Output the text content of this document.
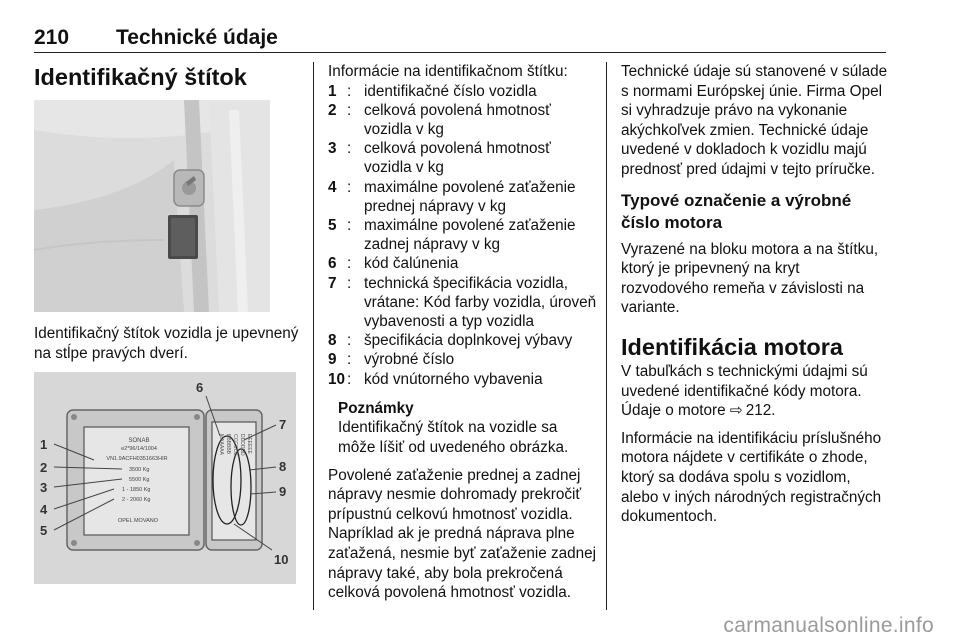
210 Technické údaje
Identifikačný štítok

Identifikačný štítok vozidla je upevnený na stĺpe pravých dverí.

SONAB
e2*96/14/1004
VN1.9ACFH0351663HIR
3500 Kg
5500 Kg
1 - 1850 Kg
2 - 2060 Kg
OPEL MOVANO
MAAAAA BBBBBB CCCCCC DDDDDD EEEEEE
1
2
3
4
5
6
7
8
9
10

Informácie na identifikačnom štítku:

1 : identifikačné číslo vozidla
2 : celková povolená hmotnosť vozidla v kg
3 : celková povolená hmotnosť vozidla v kg
4 : maximálne povolené zaťaženie prednej nápravy v kg
5 : maximálne povolené zaťaženie zadnej nápravy v kg
6 : kód čalúnenia
7 : technická špecifikácia vozidla, vrátane: Kód farby vozidla, úroveň vybavenosti a typ vozidla
8 : špecifikácia doplnkovej výbavy
9 : výrobné číslo
10 : kód vnútorného vybavenia
Poznámky

Identifikačný štítok na vozidle sa môže líšiť od uvedeného obrázka.

Povolené zaťaženie prednej a zadnej nápravy nesmie dohromady prekročiť prípustnú celkovú hmotnosť vozidla. Napríklad ak je predná náprava plne zaťažená, nesmie byť zaťaženie zadnej nápravy také, aby bola prekročená celková povolená hmotnosť vozidla.

Technické údaje sú stanovené v súlade s normami Európskej únie. Firma Opel si vyhradzuje právo na vykonanie akýchkoľvek zmien. Technické údaje uvedené v dokladoch k vozidlu majú prednosť pred údajmi v tejto príručke.

Typové označenie a výrobné číslo motora

Vyrazené na bloku motora a na štítku, ktorý je pripevnený na kryt rozvodového remeňa v závislosti na variante.

Identifikácia motora

V tabuľkách s technickými údajmi sú uvedené identifikačné kódy motora. Údaje o motore ⇨  212.

Informácie na identifikáciu príslušného motora nájdete v certifikáte o zhode, ktorý sa dodáva spolu s vozidlom, alebo v iných národných registračných dokumentoch.

carmanualsonline.info
